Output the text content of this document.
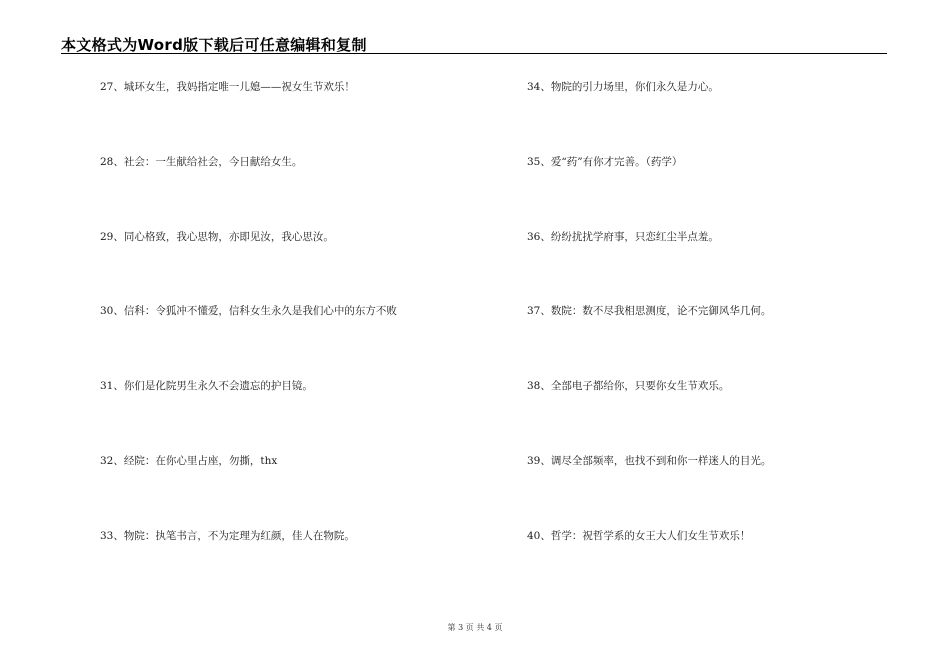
本文格式为Word版下载后可任意编辑和复制
27、城环女生，我妈指定唯一儿媳——祝女生节欢乐！
28、社会：一生献给社会，今日献给女生。
29、同心格致，我心思物，亦即见汝，我心思汝。
30、信科：令狐冲不懂爱，信科女生永久是我们心中的东方不败
31、你们是化院男生永久不会遗忘的护目镜。
32、经院：在你心里占座，勿撕，thx
33、物院：执笔书言，不为定理为红颜，佳人在物院。
34、物院的引力场里，你们永久是力心。
35、爱“药”有你才完善。（药学）
36、纷纷扰扰学府事，只恋红尘半点羞。
37、数院：数不尽我相思测度，论不完御风华几何。
38、全部电子都给你，只要你女生节欢乐。
39、调尽全部频率，也找不到和你一样迷人的目光。
40、哲学：祝哲学系的女王大人们女生节欢乐！
第 3 页 共 4 页
